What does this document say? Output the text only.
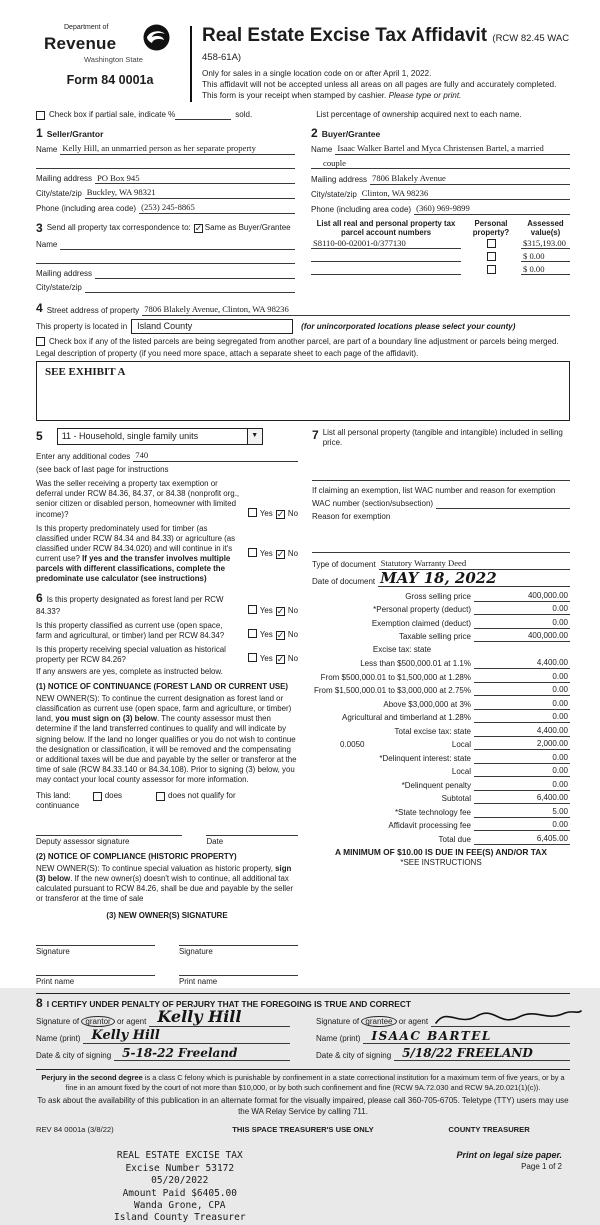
Department of
Revenue
Washington State
Form 84 0001a
Real Estate Excise Tax Affidavit (RCW 82.45 WAC 458-61A)
Only for sales in a single location code on or after April 1, 2022.
This affidavit will not be accepted unless all areas on all pages are fully and accurately completed.
This form is your receipt when stamped by cashier. Please type or print.
Check box if partial sale, indicate %	sold.	List percentage of ownership acquired next to each name.
1 Seller/Grantor
Name Kelly Hill, an unmarried person as her separate property
Mailing address PO Box 945
City/state/zip Buckley, WA 98321
Phone (including area code) (253) 245-8865
3 Send all property tax correspondence to: ✓ Same as Buyer/Grantee
Name
Mailing address
City/state/zip
2 Buyer/Grantee
Name Isaac Walker Bartel and Myca Christensen Bartel, a married
couple
Mailing address 7806 Blakely Avenue
City/state/zip Clinton, WA 98236
Phone (including area code) (360) 969-9899
List all real and personal property tax parcel account numbers
Personal
property?
Assessed
value(s)
S8110-00-02001-0/377130	$315,193.00
$ 0.00
$ 0.00
4 Street address of property 7806 Blakely Avenue, Clinton, WA 98236
This property is located in	Island County	(for unincorporated locations please select your county)
Check box if any of the listed parcels are being segregated from another parcel, are part of a boundary line adjustment or parcels being merged.
Legal description of property (if you need more space, attach a separate sheet to each page of the affidavit).
SEE EXHIBIT A
5	11 - Household, single family units	▼
Enter any additional codes 740
(see back of last page for instructions
Was the seller receiving a property tax exemption or deferral under RCW 84.36, 84.37, or 84.38 (nonprofit org., senior citizen or disabled person, homeowner with limited income)?	Yes ✓ No
Is this property predominately used for timber (as classified under RCW 84.34 and 84.33) or agriculture (as classified under RCW 84.34.020) and will continue in it's current use? If yes and the transfer involves multiple parcels with different classifications, complete the predominate use calculator (see instructions)
Yes ✓ No
6 Is this property designated as forest land per RCW 84.33?	Yes ✓ No
Is this property classified as current use (open space, farm and agricultural, or timber) land per RCW 84.34?	Yes ✓ No
Is this property receiving special valuation as historical property per RCW 84.26?	Yes ✓ No
If any answers are yes, complete as instructed below.
(1) NOTICE OF CONTINUANCE (FOREST LAND OR CURRENT USE)
NEW OWNER(S): To continue the current designation as forest land or classification as current use (open space, farm and agriculture, or timber) land, you must sign on (3) below. The county assessor must then determine if the land transferred continues to qualify and will indicate by signing below. If the land no longer qualifies or you do not wish to continue the designation or classification, it will be removed and the compensating or additional taxes will be due and payable by the seller or transferor at the time of sale (RCW 84.33.140 or 84.34.108). Prior to signing (3) below, you may contact your local county assessor for more information.
This land:	does	does not qualify for
continuance
Deputy assessor signature	Date
(2) NOTICE OF COMPLIANCE (HISTORIC PROPERTY)
NEW OWNER(S): To continue special valuation as historic property, sign (3) below. If the new owner(s) doesn't wish to continue, all additional tax calculated pursuant to RCW 84.26, shall be due and payable by the seller or transferor at the time of sale
(3) NEW OWNER(S) SIGNATURE
Signature	Signature
Print name	Print name
7 List all personal property (tangible and intangible) included in selling price.
If claiming an exemption, list WAC number and reason for exemption
WAC number (section/subsection)
Reason for exemption
Type of document Statutory Warranty Deed
Date of document MAY 18, 2022
Gross selling price	400,000.00
*Personal property (deduct)	0.00
Exemption claimed (deduct)	0.00
Taxable selling price	400,000.00
Excise tax: state
Less than $500,000.01 at 1.1%	4,400.00
From $500,000.01 to $1,500,000 at 1.28%	0.00
From $1,500,000.01 to $3,000,000 at 2.75%	0.00
Above $3,000,000 at 3%	0.00
Agricultural and timberland at 1.28%	0.00
Total excise tax: state	4,400.00
0.0050	Local	2,000.00
*Delinquent interest: state	0.00
Local	0.00
*Delinquent penalty	0.00
Subtotal	6,400.00
*State technology fee	5.00
Affidavit processing fee	0.00
Total due	6,405.00
A MINIMUM OF $10.00 IS DUE IN FEE(S) AND/OR TAX
*SEE INSTRUCTIONS
8 I CERTIFY UNDER PENALTY OF PERJURY THAT THE FOREGOING IS TRUE AND CORRECT
Signature of grantor or agent Kelly Hill
Name (print) Kelly Hill
Date & city of signing 5-18-22 Freeland
Signature of grantee or agent
Name (print) ISAAC BARTEL
Date & city of signing 5/18/22 FREELAND
Perjury in the second degree is a class C felony which is punishable by confinement in a state correctional institution for a maximum term of five years, or by a fine in an amount fixed by the court of not more than $10,000, or by both such confinement and fine (RCW 9A.72.030 and RCW 9A.20.021(1)(c)).
To ask about the availability of this publication in an alternate format for the visually impaired, please call 360-705-6705. Teletype (TTY) users may use the WA Relay Service by calling 711.
REV 84 0001a (3/8/22)	THIS SPACE TREASURER'S USE ONLY	COUNTY TREASURER
REAL ESTATE EXCISE TAX
Excise Number 53172
05/20/2022
Amount Paid $6405.00
Wanda Grone, CPA
Island County Treasurer
Print on legal size paper.
Page 1 of 2
